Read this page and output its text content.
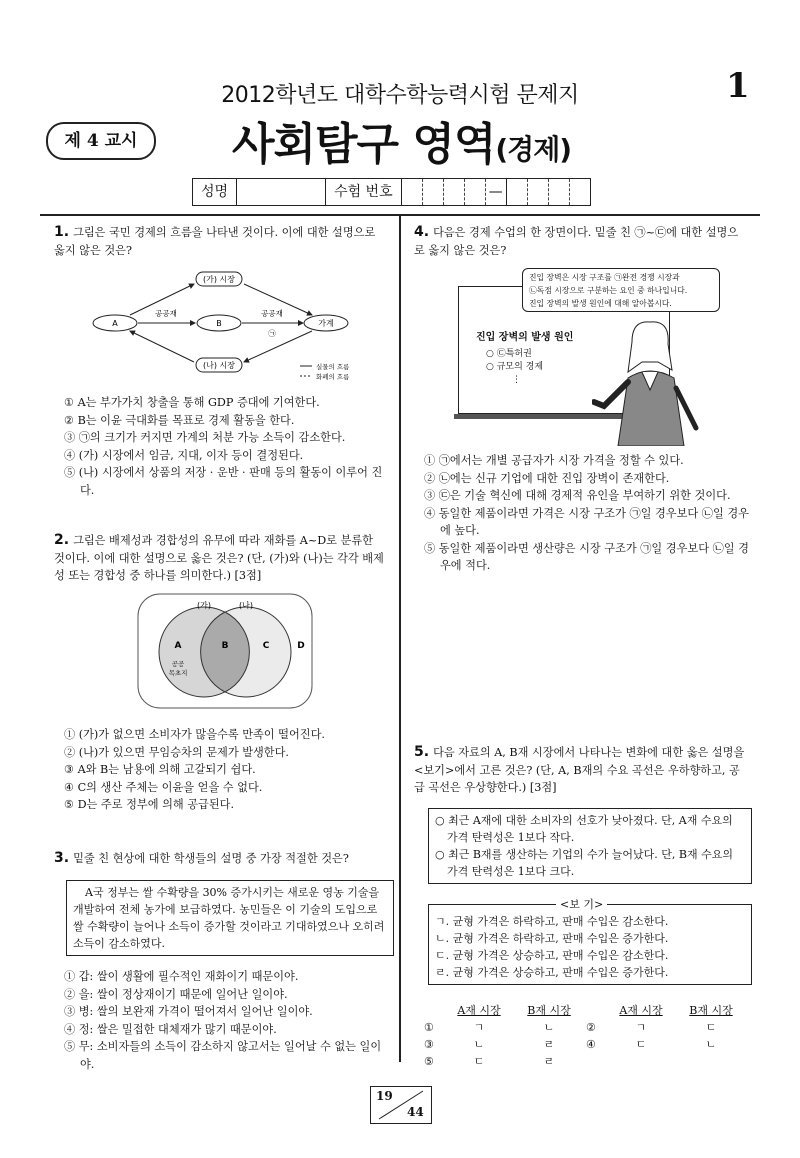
2012학년도 대학수학능력시험 문제지	1
제 4 교시	사회탐구 영역(경제)
성명	수험 번호	—
1. 그림은 국민 경제의 흐름을 나타낸 것이다. 이에 대한 설명으로 옳지 않은 것은?
(가) 시장
(나) 시장
A	B	가계
공공재	공공재
㉠
실물의 흐름
화폐의 흐름
① A는 부가가치 창출을 통해 GDP 증대에 기여한다.
② B는 이윤 극대화를 목표로 경제 활동을 한다.
③ ㉠의 크기가 커지면 가계의 처분 가능 소득이 감소한다.
④ (가) 시장에서 임금, 지대, 이자 등이 결정된다.
⑤ (나) 시장에서 상품의 저장 · 운반 · 판매 등의 활동이 이루어 진다.
2. 그림은 배제성과 경합성의 유무에 따라 재화를 A~D로 분류한 것이다. 이에 대한 설명으로 옳은 것은? (단, (가)와 (나)는 각각 배제성 또는 경합성 중 하나를 의미한다.) [3점]
(가)	(나)
A	B	C	D
공공
목초지
① (가)가 없으면 소비자가 많을수록 만족이 떨어진다.
② (나)가 있으면 무임승차의 문제가 발생한다.
③ A와 B는 남용에 의해 고갈되기 쉽다.
④ C의 생산 주체는 이윤을 얻을 수 없다.
⑤ D는 주로 정부에 의해 공급된다.
3. 밑줄 친 현상에 대한 학생들의 설명 중 가장 적절한 것은?
A국 정부는 쌀 수확량을 30% 증가시키는 새로운 영농 기술을 개발하여 전체 농가에 보급하였다. 농민들은 이 기술의 도입으로 쌀 수확량이 늘어나 소득이 증가할 것이라고 기대하였으나 오히려 소득이 감소하였다.
① 갑: 쌀이 생활에 필수적인 재화이기 때문이야.
② 을: 쌀이 정상재이기 때문에 일어난 일이야.
③ 병: 쌀의 보완재 가격이 떨어져서 일어난 일이야.
④ 정: 쌀은 밀접한 대체재가 많기 때문이야.
⑤ 무: 소비자들의 소득이 감소하지 않고서는 일어날 수 없는 일이야.
4. 다음은 경제 수업의 한 장면이다. 밑줄 친 ㉠~㉢에 대한 설명으로 옳지 않은 것은?
진입 장벽은 시장 구조를 ㉠완전 경쟁 시장과
㉡독점 시장으로 구분하는 요인 중 하나입니다.
진입 장벽의 발생 원인에 대해 알아봅시다.
진입 장벽의 발생 원인
○ ㉢특허권
○ 규모의 경제
⋮
① ㉠에서는 개별 공급자가 시장 가격을 정할 수 있다.
② ㉡에는 신규 기업에 대한 진입 장벽이 존재한다.
③ ㉢은 기술 혁신에 대해 경제적 유인을 부여하기 위한 것이다.
④ 동일한 제품이라면 가격은 시장 구조가 ㉠일 경우보다 ㉡일 경우에 높다.
⑤ 동일한 제품이라면 생산량은 시장 구조가 ㉠일 경우보다 ㉡일 경우에 적다.
5. 다음 자료의 A, B재 시장에서 나타나는 변화에 대한 옳은 설명을 <보기>에서 고른 것은? (단, A, B재의 수요 곡선은 우하향하고, 공급 곡선은 우상향한다.) [3점]
○ 최근 A재에 대한 소비자의 선호가 낮아졌다. 단, A재 수요의 가격 탄력성은 1보다 작다.
○ 최근 B재를 생산하는 기업의 수가 늘어났다. 단, B재 수요의 가격 탄력성은 1보다 크다.
ㄱ. 균형 가격은 하락하고, 판매 수입은 감소한다.
ㄴ. 균형 가격은 하락하고, 판매 수입은 증가한다.
ㄷ. 균형 가격은 상승하고, 판매 수입은 감소한다.
ㄹ. 균형 가격은 상승하고, 판매 수입은 증가한다.
<보 기>
A재 시장	B재 시장	A재 시장	B재 시장
①	ㄱ	ㄴ	②	ㄱ	ㄷ
③	ㄴ	ㄹ	④	ㄷ	ㄴ
⑤	ㄷ	ㄹ
19
44
